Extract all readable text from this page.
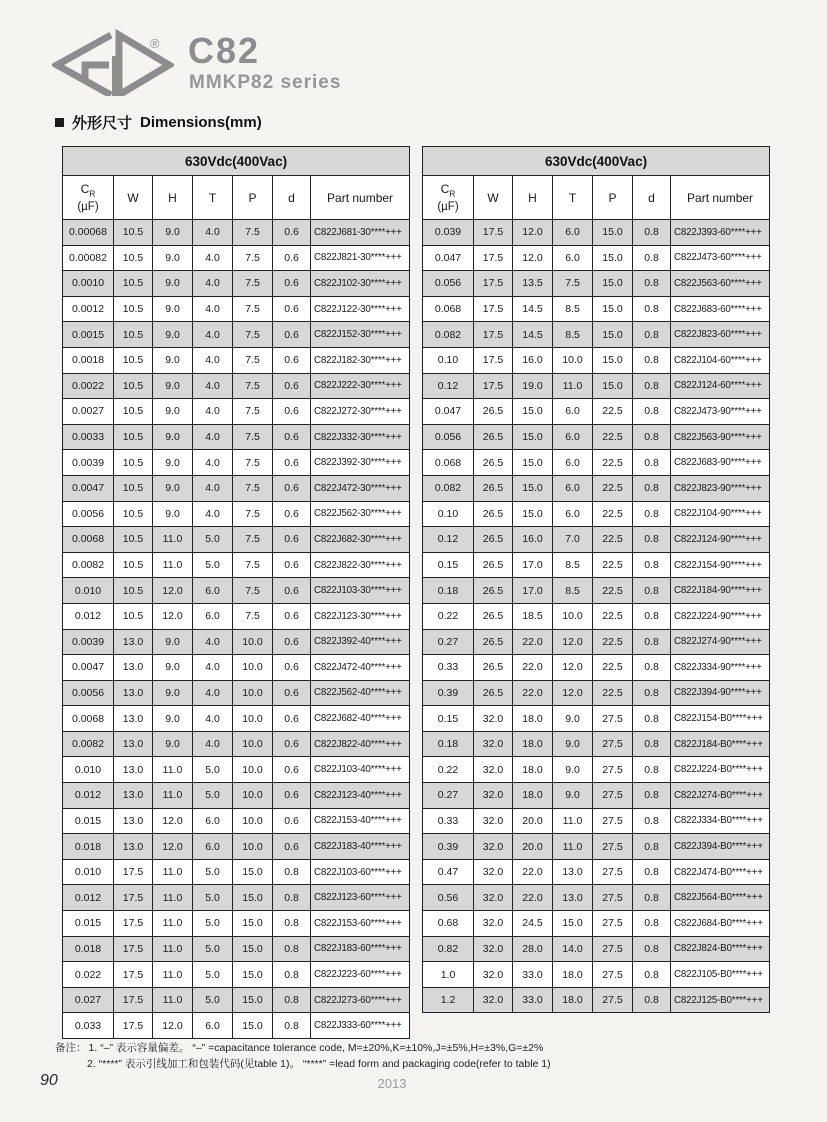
® C82
MMKP82 series
外形尺寸 Dimensions(mm)
630Vdc(400Vac)						
$C_R$
(µF)	W	H	T	P	d	Part number
0.00068	10.5	9.0	4.0	7.5	0.6	C822J681-30****+++
0.00082	10.5	9.0	4.0	7.5	0.6	C822J821-30****+++
0.0010	10.5	9.0	4.0	7.5	0.6	C822J102-30****+++
0.0012	10.5	9.0	4.0	7.5	0.6	C822J122-30****+++
0.0015	10.5	9.0	4.0	7.5	0.6	C822J152-30****+++
0.0018	10.5	9.0	4.0	7.5	0.6	C822J182-30****+++
0.0022	10.5	9.0	4.0	7.5	0.6	C822J222-30****+++
0.0027	10.5	9.0	4.0	7.5	0.6	C822J272-30****+++
0.0033	10.5	9.0	4.0	7.5	0.6	C822J332-30****+++
0.0039	10.5	9.0	4.0	7.5	0.6	C822J392-30****+++
0.0047	10.5	9.0	4.0	7.5	0.6	C822J472-30****+++
0.0056	10.5	9.0	4.0	7.5	0.6	C822J562-30****+++
0.0068	10.5	11.0	5.0	7.5	0.6	C822J682-30****+++
0.0082	10.5	11.0	5.0	7.5	0.6	C822J822-30****+++
0.010	10.5	12.0	6.0	7.5	0.6	C822J103-30****+++
0.012	10.5	12.0	6.0	7.5	0.6	C822J123-30****+++
0.0039	13.0	9.0	4.0	10.0	0.6	C822J392-40****+++
0.0047	13.0	9.0	4.0	10.0	0.6	C822J472-40****+++
0.0056	13.0	9.0	4.0	10.0	0.6	C822J562-40****+++
0.0068	13.0	9.0	4.0	10.0	0.6	C822J682-40****+++
0.0082	13.0	9.0	4.0	10.0	0.6	C822J822-40****+++
0.010	13.0	11.0	5.0	10.0	0.6	C822J103-40****+++
0.012	13.0	11.0	5.0	10.0	0.6	C822J123-40****+++
0.015	13.0	12.0	6.0	10.0	0.6	C822J153-40****+++
0.018	13.0	12.0	6.0	10.0	0.6	C822J183-40****+++
0.010	17.5	11.0	5.0	15.0	0.8	C822J103-60****+++
0.012	17.5	11.0	5.0	15.0	0.8	C822J123-60****+++
0.015	17.5	11.0	5.0	15.0	0.8	C822J153-60****+++
0.018	17.5	11.0	5.0	15.0	0.8	C822J183-60****+++
0.022	17.5	11.0	5.0	15.0	0.8	C822J223-60****+++
0.027	17.5	11.0	5.0	15.0	0.8	C822J273-60****+++
0.033	17.5	12.0	6.0	15.0	0.8	C822J333-60****+++
630Vdc(400Vac)						
$C_R$
(µF)	W	H	T	P	d	Part number
0.039	17.5	12.0	6.0	15.0	0.8	C822J393-60****+++
0.047	17.5	12.0	6.0	15.0	0.8	C822J473-60****+++
0.056	17.5	13.5	7.5	15.0	0.8	C822J563-60****+++
0.068	17.5	14.5	8.5	15.0	0.8	C822J683-60****+++
0.082	17.5	14.5	8.5	15.0	0.8	C822J823-60****+++
0.10	17.5	16.0	10.0	15.0	0.8	C822J104-60****+++
0.12	17.5	19.0	11.0	15.0	0.8	C822J124-60****+++
0.047	26.5	15.0	6.0	22.5	0.8	C822J473-90****+++
0.056	26.5	15.0	6.0	22.5	0.8	C822J563-90****+++
0.068	26.5	15.0	6.0	22.5	0.8	C822J683-90****+++
0.082	26.5	15.0	6.0	22.5	0.8	C822J823-90****+++
0.10	26.5	15.0	6.0	22.5	0.8	C822J104-90****+++
0.12	26.5	16.0	7.0	22.5	0.8	C822J124-90****+++
0.15	26.5	17.0	8.5	22.5	0.8	C822J154-90****+++
0.18	26.5	17.0	8.5	22.5	0.8	C822J184-90****+++
0.22	26.5	18.5	10.0	22.5	0.8	C822J224-90****+++
0.27	26.5	22.0	12.0	22.5	0.8	C822J274-90****+++
0.33	26.5	22.0	12.0	22.5	0.8	C822J334-90****+++
0.39	26.5	22.0	12.0	22.5	0.8	C822J394-90****+++
0.15	32.0	18.0	9.0	27.5	0.8	C822J154-B0****+++
0.18	32.0	18.0	9.0	27.5	0.8	C822J184-B0****+++
0.22	32.0	18.0	9.0	27.5	0.8	C822J224-B0****+++
0.27	32.0	18.0	9.0	27.5	0.8	C822J274-B0****+++
0.33	32.0	20.0	11.0	27.5	0.8	C822J334-B0****+++
0.39	32.0	20.0	11.0	27.5	0.8	C822J394-B0****+++
0.47	32.0	22.0	13.0	27.5	0.8	C822J474-B0****+++
0.56	32.0	22.0	13.0	27.5	0.8	C822J564-B0****+++
0.68	32.0	24.5	15.0	27.5	0.8	C822J684-B0****+++
0.82	32.0	28.0	14.0	27.5	0.8	C822J824-B0****+++
1.0	32.0	33.0	18.0	27.5	0.8	C822J105-B0****+++
1.2	32.0	33.0	18.0	27.5	0.8	C822J125-B0****+++
备注： 1. “–” 表示容量偏差。 “–” =capacitance tolerance code, M=±20%,K=±10%,J=±5%,H=±3%,G=±2%
2. “****” 表示引线加工和包装代码(见table 1)。 “****” =lead form and packaging code(refer to table 1)
90	2013
